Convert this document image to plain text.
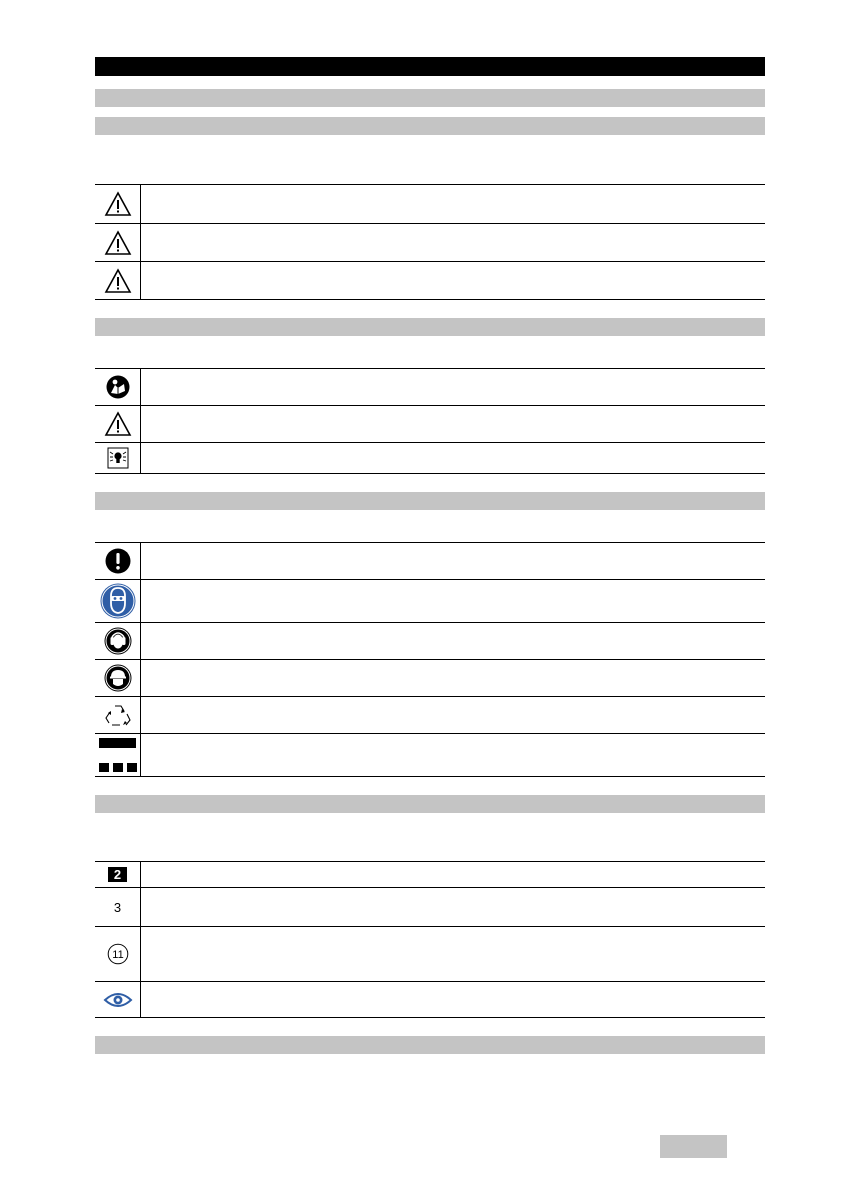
2
3
11
